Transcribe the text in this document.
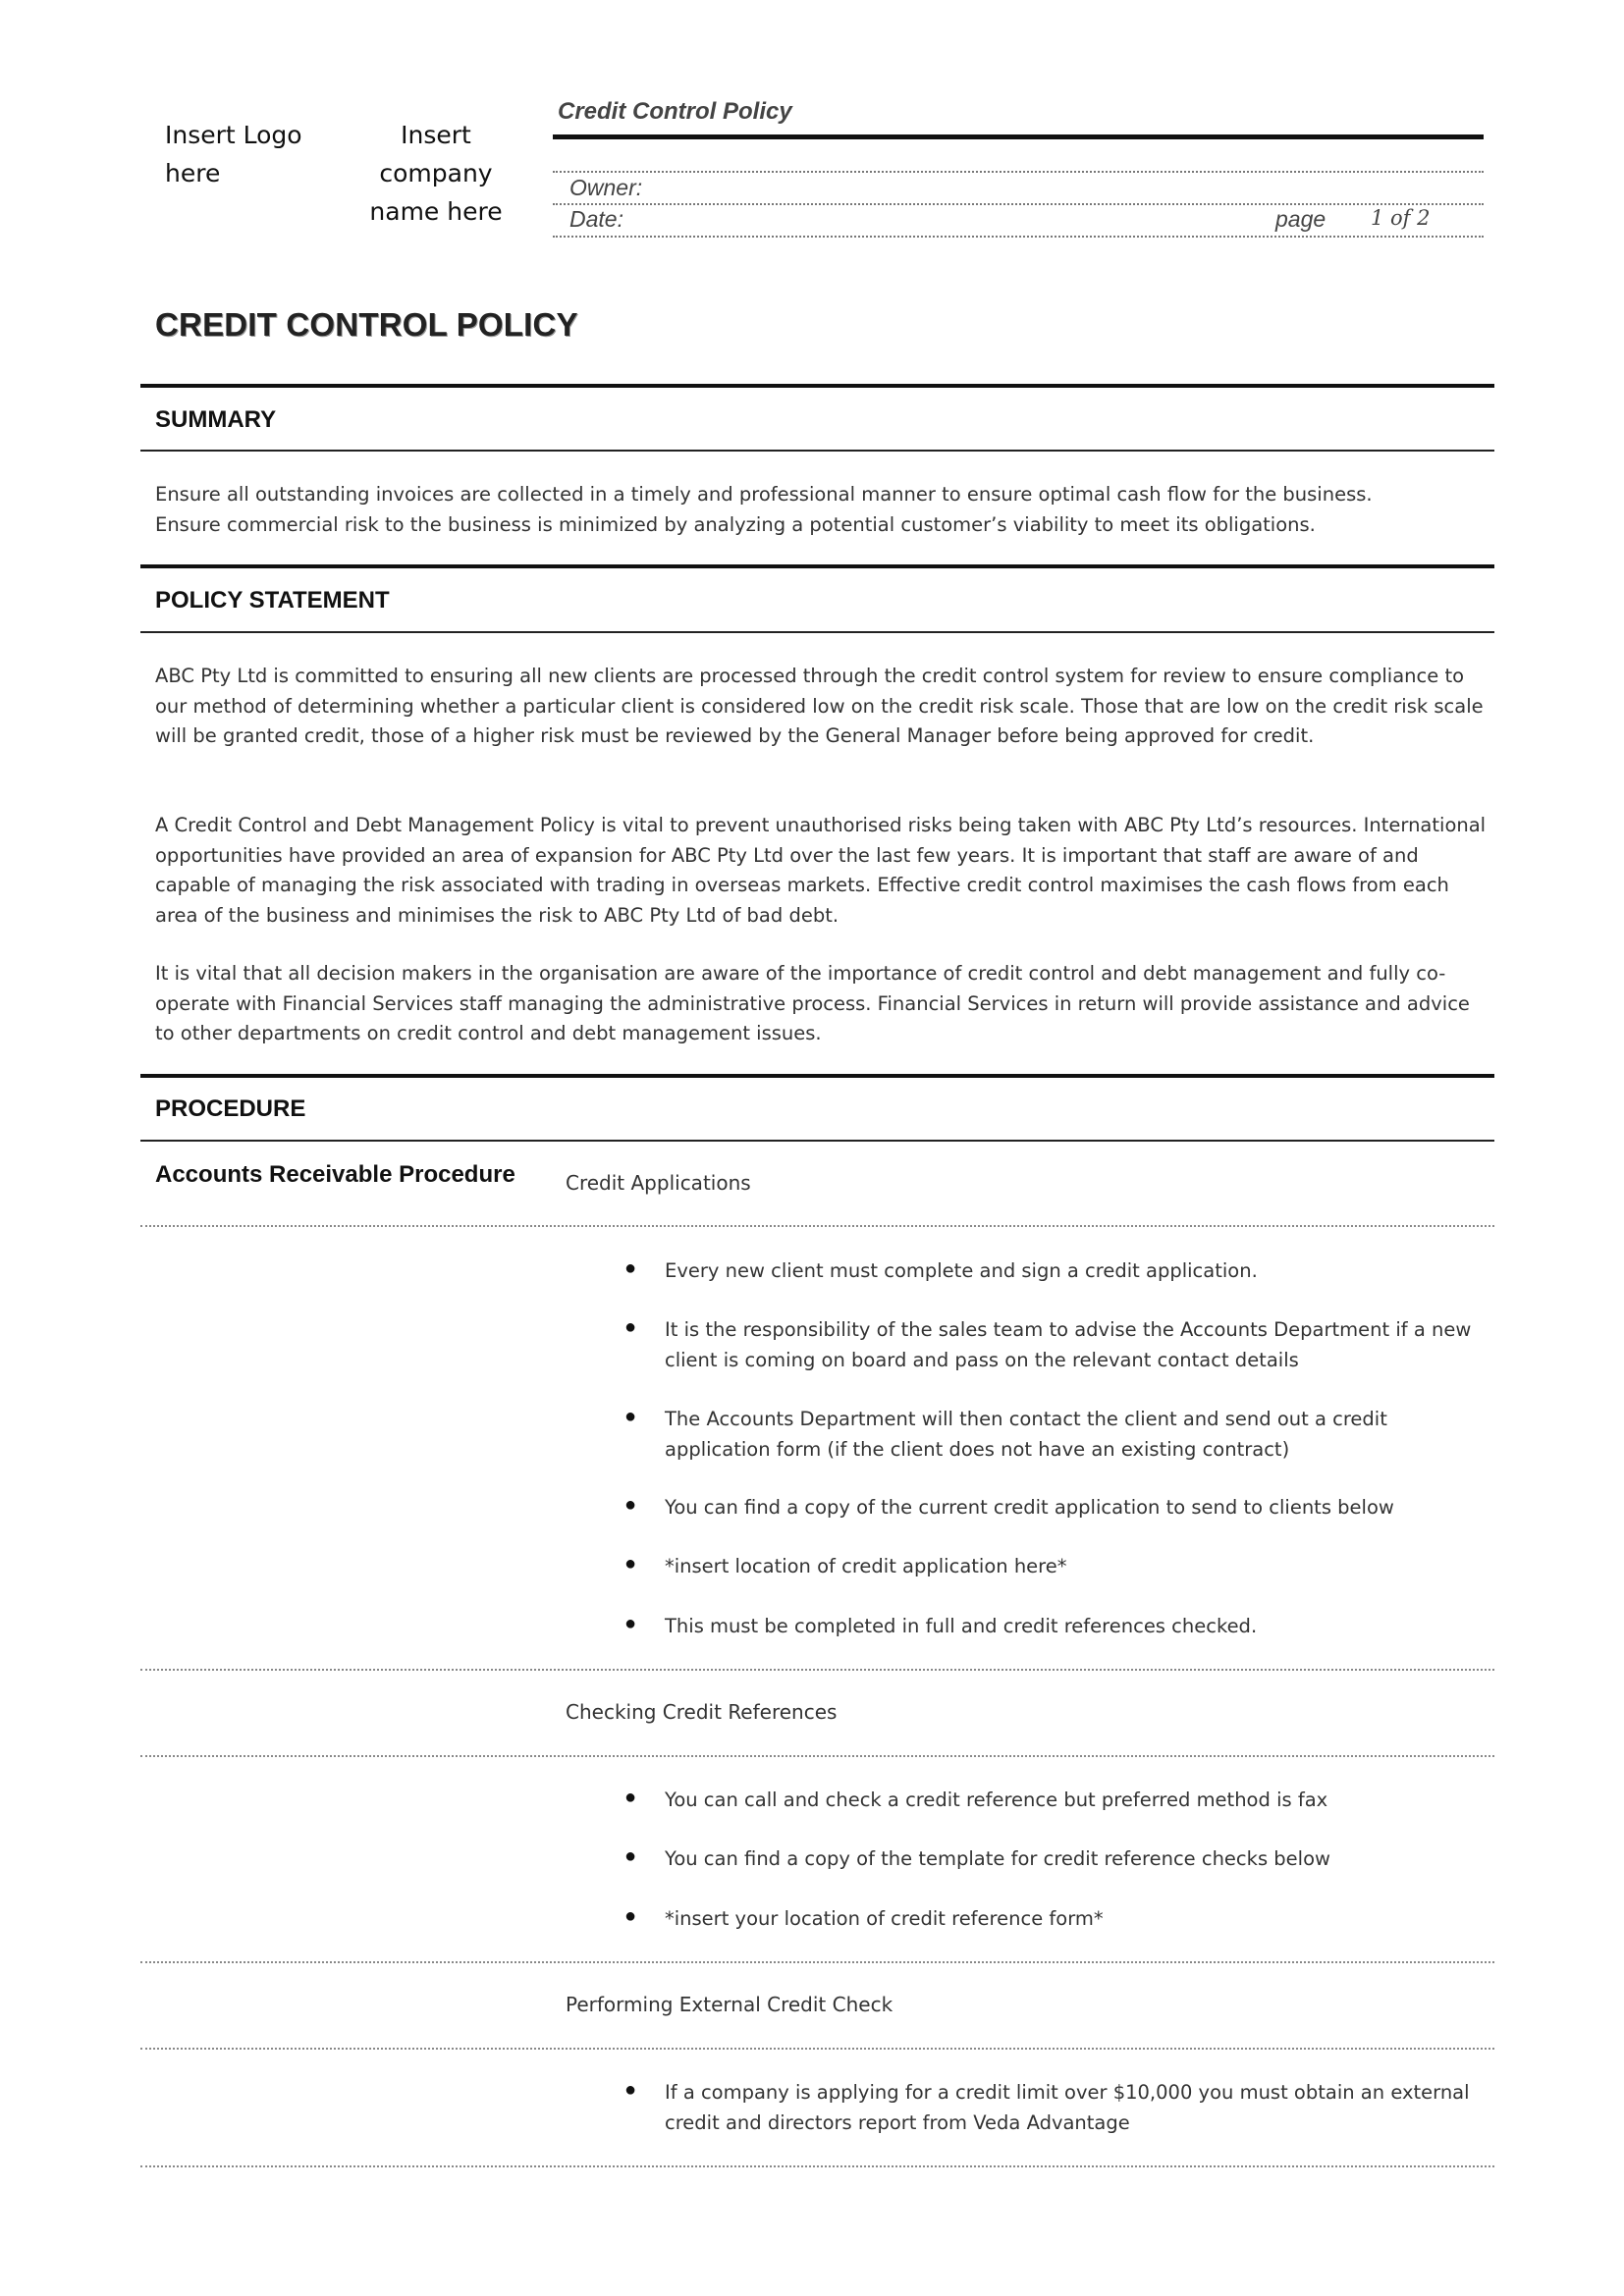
Insert Logo
here
Insert company
name here
Credit Control Policy
Owner:
Date:	page 1 of 2
CREDIT CONTROL POLICY
SUMMARY

Ensure all outstanding invoices are collected in a timely and professional manner to ensure optimal cash flow for the business.

Ensure commercial risk to the business is minimized by analyzing a potential customer’s viability to meet its obligations.

POLICY STATEMENT
ABC Pty Ltd is committed to ensuring all new clients are processed through the credit control system for review to ensure compliance to our method of determining whether a particular client is considered low on the credit risk scale. Those that are low on the credit risk scale will be granted credit, those of a higher risk must be reviewed by the General Manager before being approved for credit.
A Credit Control and Debt Management Policy is vital to prevent unauthorised risks being taken with ABC Pty Ltd’s resources. International opportunities have provided an area of expansion for ABC Pty Ltd over the last few years. It is important that staff are aware of and capable of managing the risk associated with trading in overseas markets. Effective credit control maximises the cash flows from each area of the business and minimises the risk to ABC Pty Ltd of bad debt.
It is vital that all decision makers in the organisation are aware of the importance of credit control and debt management and fully co-operate with Financial Services staff managing the administrative process. Financial Services in return will provide assistance and advice to other departments on credit control and debt management issues.
PROCEDURE
Accounts Receivable Procedure	Credit Applications
● Every new client must complete and sign a credit application.
● It is the responsibility of the sales team to advise the Accounts Department if a new client is coming on board and pass on the relevant contact details
● The Accounts Department will then contact the client and send out a credit application form (if the client does not have an existing contract)
● You can find a copy of the current credit application to send to clients below
● *insert location of credit application here*
● This must be completed in full and credit references checked.
Checking Credit References
● You can call and check a credit reference but preferred method is fax
● You can find a copy of the template for credit reference checks below
● *insert your location of credit reference form*
Performing External Credit Check
● If a company is applying for a credit limit over $10,000 you must obtain an external credit and directors report from Veda Advantage
